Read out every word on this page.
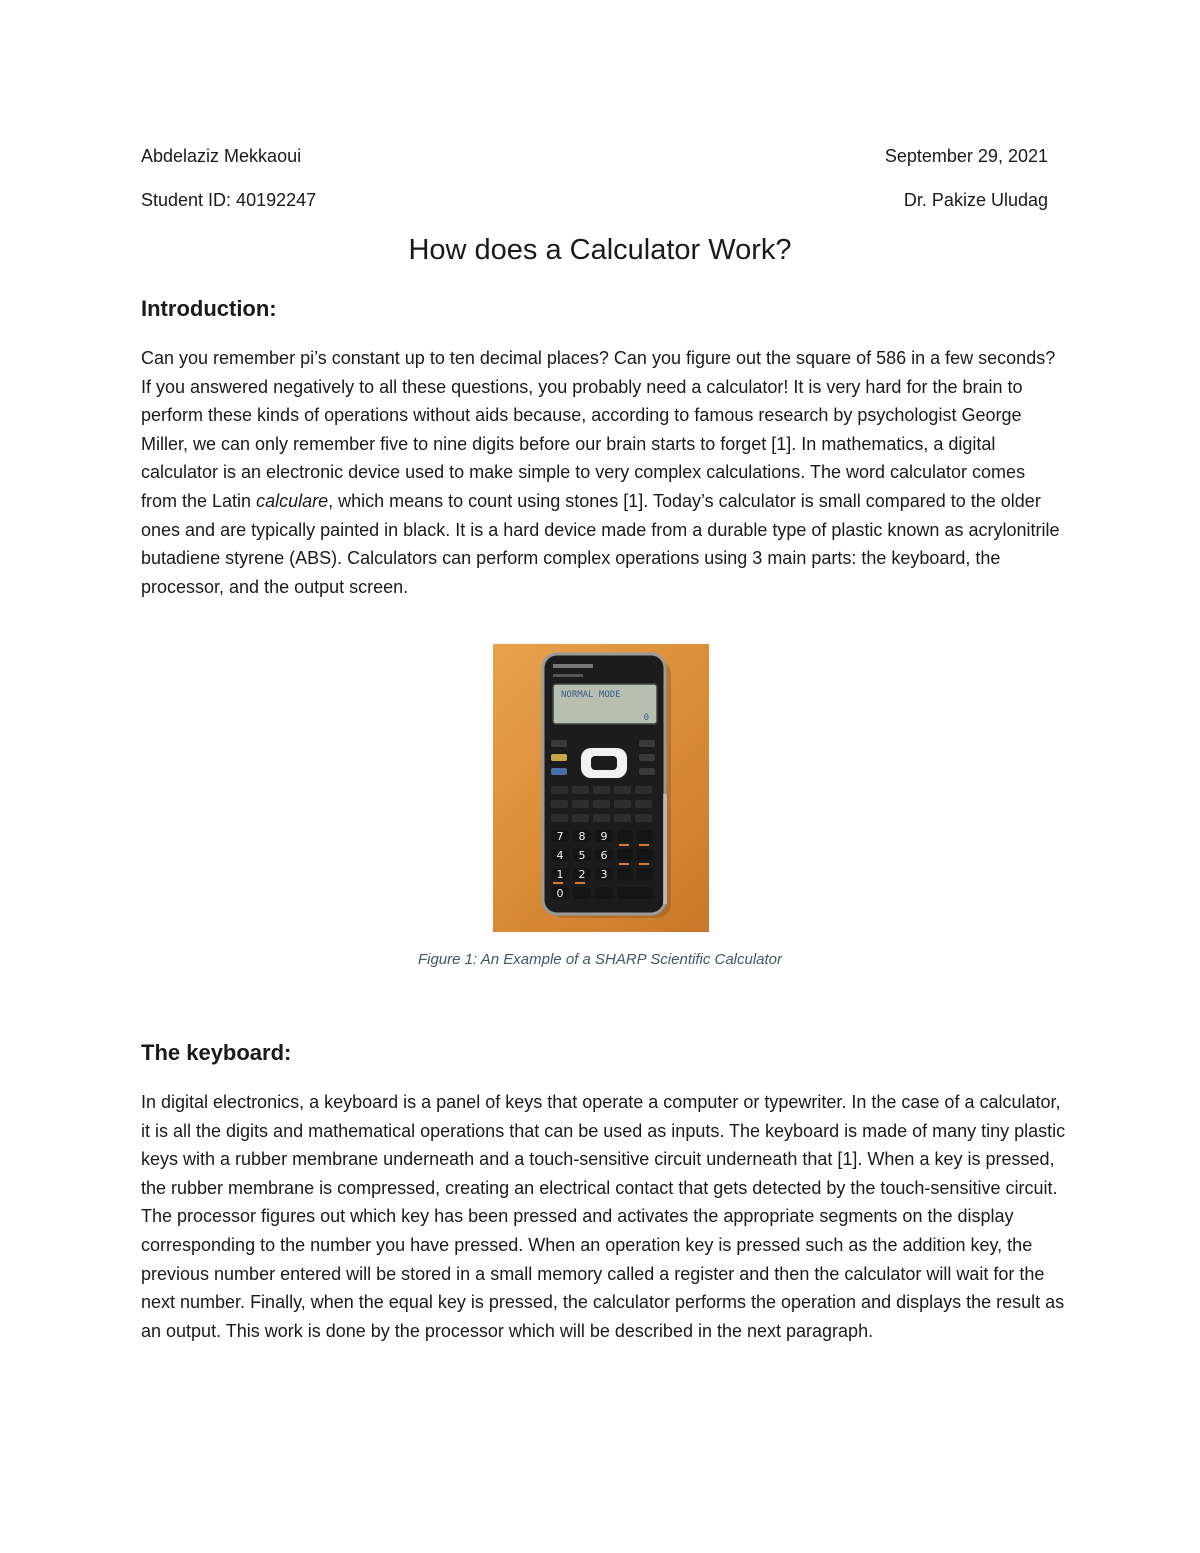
Abdelaziz Mekkaoui	September 29, 2021
Student ID: 40192247	Dr. Pakize Uludag
How does a Calculator Work?
Introduction:

Can you remember pi’s constant up to ten decimal places? Can you figure out the square of 586 in a few seconds? If you answered negatively to all these questions, you probably need a calculator! It is very hard for the brain to perform these kinds of operations without aids because, according to famous research by psychologist George Miller, we can only remember five to nine digits before our brain starts to forget [1]. In mathematics, a digital calculator is an electronic device used to make simple to very complex calculations. The word calculator comes from the Latin calculare, which means to count using stones [1]. Today’s calculator is small compared to the older ones and are typically painted in black. It is a hard device made from a durable type of plastic known as acrylonitrile butadiene styrene (ABS). Calculators can perform complex operations using 3 main parts: the keyboard, the processor, and the output screen.

NORMAL MODE
0
7 8 9
4 5 6
1 2 3
0
Figure 1: An Example of a SHARP Scientific Calculator
The keyboard:

In digital electronics, a keyboard is a panel of keys that operate a computer or typewriter. In the case of a calculator, it is all the digits and mathematical operations that can be used as inputs. The keyboard is made of many tiny plastic keys with a rubber membrane underneath and a touch-sensitive circuit underneath that [1]. When a key is pressed, the rubber membrane is compressed, creating an electrical contact that gets detected by the touch-sensitive circuit. The processor figures out which key has been pressed and activates the appropriate segments on the display corresponding to the number you have pressed. When an operation key is pressed such as the addition key, the previous number entered will be stored in a small memory called a register and then the calculator will wait for the next number. Finally, when the equal key is pressed, the calculator performs the operation and displays the result as an output. This work is done by the processor which will be described in the next paragraph.
